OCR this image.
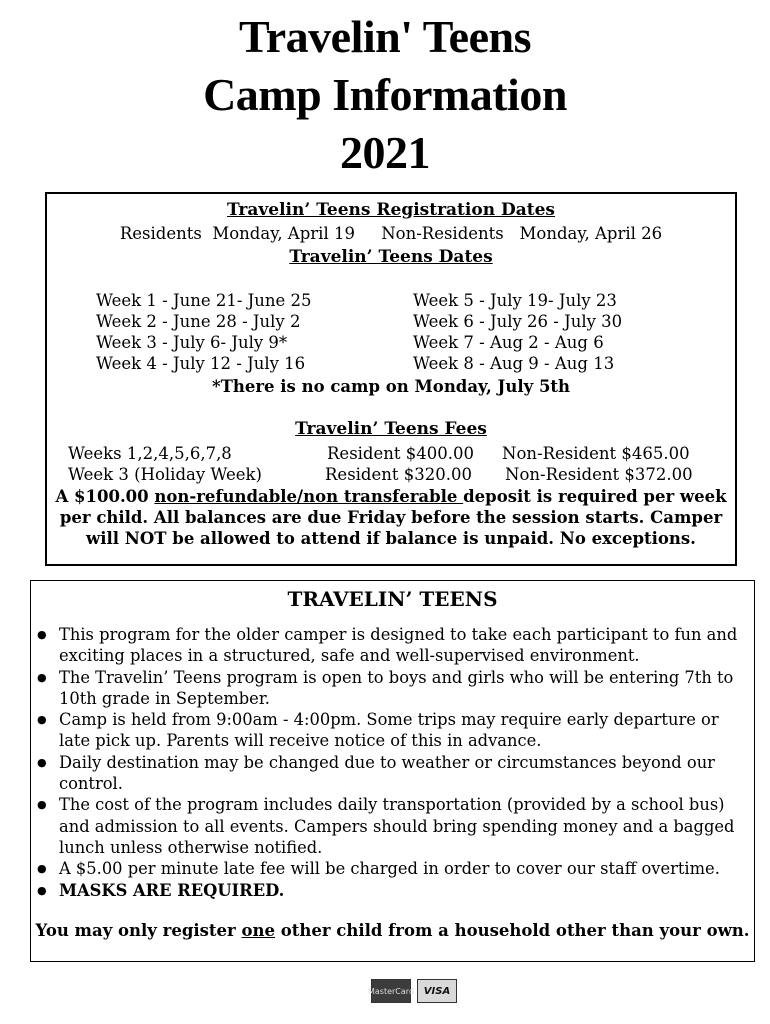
Travelin' Teens
Camp Information
2021
Travelin’ Teens Registration Dates
Residents  Monday, April 19     Non-Residents   Monday, April 26
Travelin’ Teens Dates
Week 1 - June 21- June 25
Week 2 - June 28 - July 2
Week 3 - July 6- July 9*
Week 4 - July 12 - July 16
Week 5 - July 19- July 23
Week 6 - July 26 - July 30
Week 7 - Aug 2 - Aug 6
Week 8 - Aug 9 - Aug 13
*There is no camp on Monday, July 5th
Travelin’ Teens Fees
Weeks 1,2,4,5,6,7,8	Resident $400.00 Non-Resident $465.00
Week 3 (Holiday Week)	Resident $320.00 Non-Resident $372.00
A $100.00 non-refundable/non transferable deposit is required per week
per child. All balances are due Friday before the session starts. Camper
will NOT be allowed to attend if balance is unpaid. No exceptions.
TRAVELIN’ TEENS
● This program for the older camper is designed to take each participant to fun and exciting places in a structured, safe and well-supervised environment.
● The Travelin’ Teens program is open to boys and girls who will be entering 7th to 10th grade in September.
● Camp is held from 9:00am - 4:00pm. Some trips may require early departure or late pick up. Parents will receive notice of this in advance.
● Daily destination may be changed due to weather or circumstances beyond our control.
● The cost of the program includes daily transportation (provided by a school bus) and admission to all events. Campers should bring spending money and a bagged lunch unless otherwise notified.
● A $5.00 per minute late fee will be charged in order to cover our staff overtime.
● MASKS ARE REQUIRED.
You may only register one other child from a household other than your own.
MasterCard VISA
